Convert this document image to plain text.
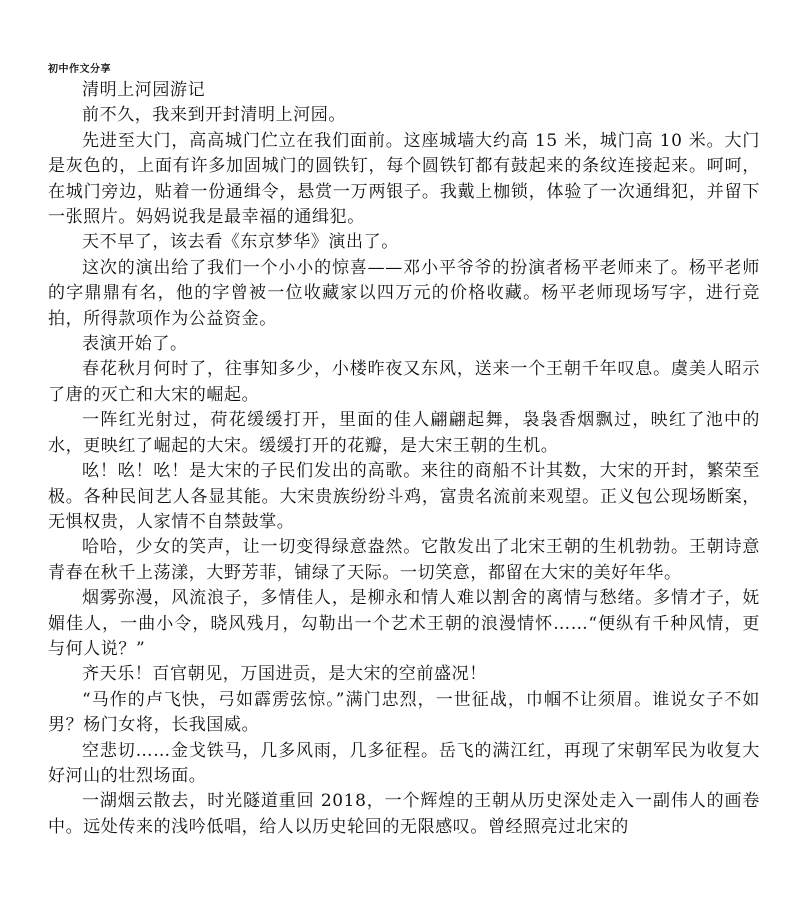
初中作文分享

清明上河园游记

前不久，我来到开封清明上河园。

先进至大门，高高城门伫立在我们面前。这座城墙大约高 15 米，城门高 10 米。大门是灰色的，上面有许多加固城门的圆铁钉，每个圆铁钉都有鼓起来的条纹连接起来。呵呵，在城门旁边，贴着一份通缉令，悬赏一万两银子。我戴上枷锁，体验了一次通缉犯，并留下一张照片。妈妈说我是最幸福的通缉犯。

天不早了，该去看《东京梦华》演出了。

这次的演出给了我们一个小小的惊喜——邓小平爷爷的扮演者杨平老师来了。杨平老师的字鼎鼎有名，他的字曾被一位收藏家以四万元的价格收藏。杨平老师现场写字，进行竞拍，所得款项作为公益资金。

表演开始了。

春花秋月何时了，往事知多少，小楼昨夜又东风，送来一个王朝千年叹息。虞美人昭示了唐的灭亡和大宋的崛起。

一阵红光射过，荷花缓缓打开，里面的佳人翩翩起舞，袅袅香烟飘过，映红了池中的水，更映红了崛起的大宋。缓缓打开的花瓣，是大宋王朝的生机。

吆！吆！吆！是大宋的子民们发出的高歌。来往的商船不计其数，大宋的开封，繁荣至极。各种民间艺人各显其能。大宋贵族纷纷斗鸡，富贵名流前来观望。正义包公现场断案，无惧权贵，人家情不自禁鼓掌。

哈哈，少女的笑声，让一切变得绿意盎然。它散发出了北宋王朝的生机勃勃。王朝诗意青春在秋千上荡漾，大野芳菲，铺绿了天际。一切笑意，都留在大宋的美好年华。

烟雾弥漫，风流浪子，多情佳人，是柳永和情人难以割舍的离情与愁绪。多情才子，妩媚佳人，一曲小令，晓风残月，勾勒出一个艺术王朝的浪漫情怀……“便纵有千种风情，更与何人说？”

齐天乐！百官朝见，万国进贡，是大宋的空前盛况！

“马作的卢飞快，弓如霹雳弦惊。”满门忠烈，一世征战，巾帼不让须眉。谁说女子不如男？杨门女将，长我国威。

空悲切……金戈铁马，几多风雨，几多征程。岳飞的满江红，再现了宋朝军民为收复大好河山的壮烈场面。

一湖烟云散去，时光隧道重回 2018，一个辉煌的王朝从历史深处走入一副伟人的画卷中。远处传来的浅吟低唱，给人以历史轮回的无限感叹。曾经照亮过北宋的
